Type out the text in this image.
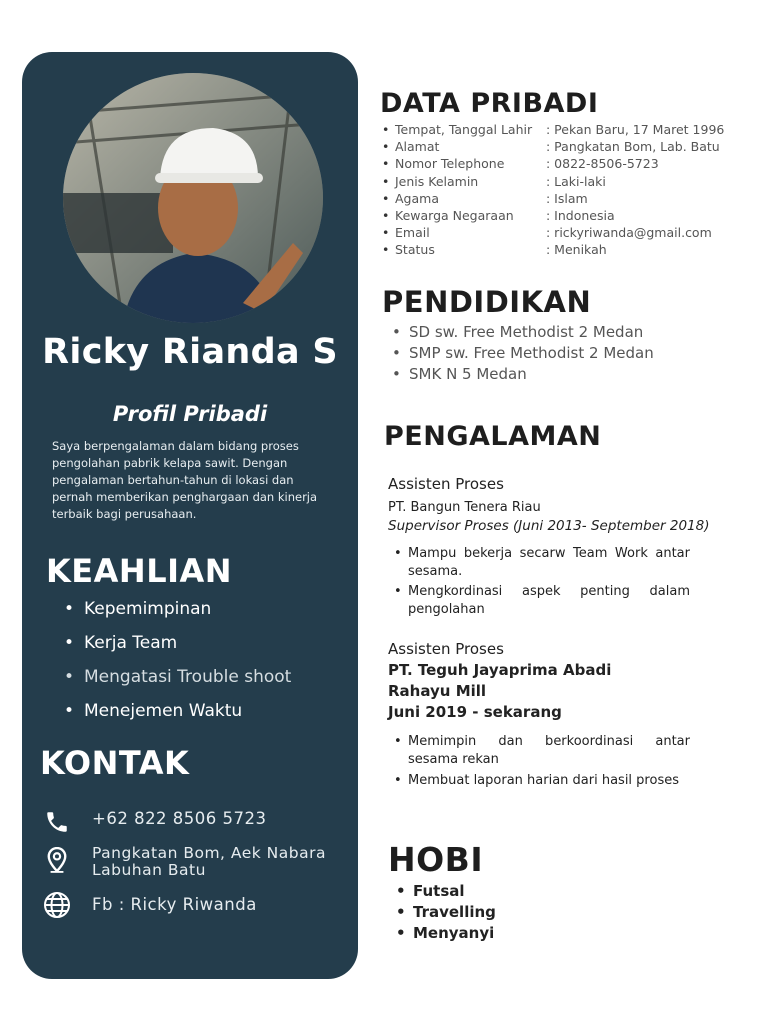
Ricky Rianda S
Profil Pribadi
Saya berpengalaman dalam bidang proses pengolahan pabrik kelapa sawit. Dengan pengalaman bertahun-tahun di lokasi dan pernah memberikan penghargaan dan kinerja terbaik bagi perusahaan.
KEAHLIAN
• Kepemimpinan
• Kerja Team
• Mengatasi Trouble shoot
• Menejemen Waktu
KONTAK
+62 822 8506 5723
Pangkatan Bom, Aek Nabara
Labuhan Batu
Fb : Ricky Riwanda
DATA PRIBADI
• Tempat, Tanggal Lahir	: Pekan Baru, 17 Maret 1996
• Alamat	: Pangkatan Bom, Lab. Batu
• Nomor Telephone	: 0822-8506-5723
• Jenis Kelamin	: Laki-laki
• Agama	: Islam
• Kewarga Negaraan	: Indonesia
• Email	: rickyriwanda@gmail.com
• Status	: Menikah
PENDIDIKAN
• SD sw. Free Methodist 2 Medan
• SMP sw. Free Methodist 2 Medan
• SMK N 5 Medan
PENGALAMAN
Assisten Proses
PT. Bangun Tenera Riau
Supervisor Proses (Juni 2013- September 2018)
• Mampu bekerja secarw Team Work antar sesama.
• Mengkordinasi aspek penting dalam pengolahan
Assisten Proses
PT. Teguh Jayaprima Abadi
Rahayu Mill
Juni 2019 - sekarang
• Memimpin dan berkoordinasi antar sesama rekan
• Membuat laporan harian dari hasil proses
HOBI
• Futsal
• Travelling
• Menyanyi
